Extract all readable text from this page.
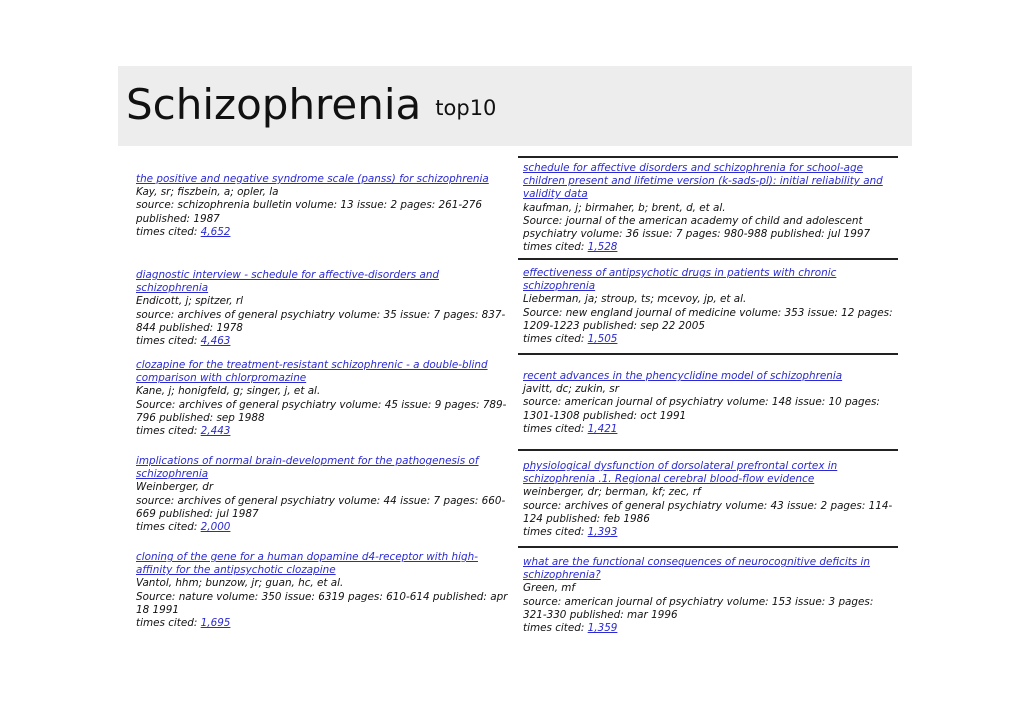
Schizophrenia top10
the positive and negative syndrome scale (panss) for schizophrenia
Kay, sr; fiszbein, a; opler, la
source: schizophrenia bulletin volume: 13 issue: 2 pages: 261-276 published: 1987
times cited: 4,652
diagnostic interview - schedule for affective-disorders and schizophrenia
Endicott, j; spitzer, rl
source: archives of general psychiatry volume: 35 issue: 7 pages: 837-844 published: 1978
times cited: 4,463
clozapine for the treatment-resistant schizophrenic - a double-blind comparison with chlorpromazine
Kane, j; honigfeld, g; singer, j, et al.
Source: archives of general psychiatry volume: 45 issue: 9 pages: 789-796 published: sep 1988
times cited: 2,443
implications of normal brain-development for the pathogenesis of schizophrenia
Weinberger, dr
source: archives of general psychiatry volume: 44 issue: 7 pages: 660-669 published: jul 1987
times cited: 2,000
cloning of the gene for a human dopamine d4-receptor with high-affinity for the antipsychotic clozapine
Vantol, hhm; bunzow, jr; guan, hc, et al.
Source: nature volume: 350 issue: 6319 pages: 610-614 published: apr 18 1991
times cited: 1,695
schedule for affective disorders and schizophrenia for school-age children present and lifetime version (k-sads-pl): initial reliability and validity data
kaufman, j; birmaher, b; brent, d, et al.
Source: journal of the american academy of child and adolescent psychiatry volume: 36 issue: 7 pages: 980-988 published: jul 1997
times cited: 1,528
effectiveness of antipsychotic drugs in patients with chronic schizophrenia
Lieberman, ja; stroup, ts; mcevoy, jp, et al.
Source: new england journal of medicine volume: 353 issue: 12 pages: 1209-1223 published: sep 22 2005
times cited: 1,505
recent advances in the phencyclidine model of schizophrenia
javitt, dc; zukin, sr
source: american journal of psychiatry volume: 148 issue: 10 pages: 1301-1308 published: oct 1991
times cited: 1,421
physiological dysfunction of dorsolateral prefrontal cortex in schizophrenia .1. Regional cerebral blood-flow evidence
weinberger, dr; berman, kf; zec, rf
source: archives of general psychiatry volume: 43 issue: 2 pages: 114-124 published: feb 1986
times cited: 1,393
what are the functional consequences of neurocognitive deficits in schizophrenia?
Green, mf
source: american journal of psychiatry volume: 153 issue: 3 pages: 321-330 published: mar 1996
times cited: 1,359
